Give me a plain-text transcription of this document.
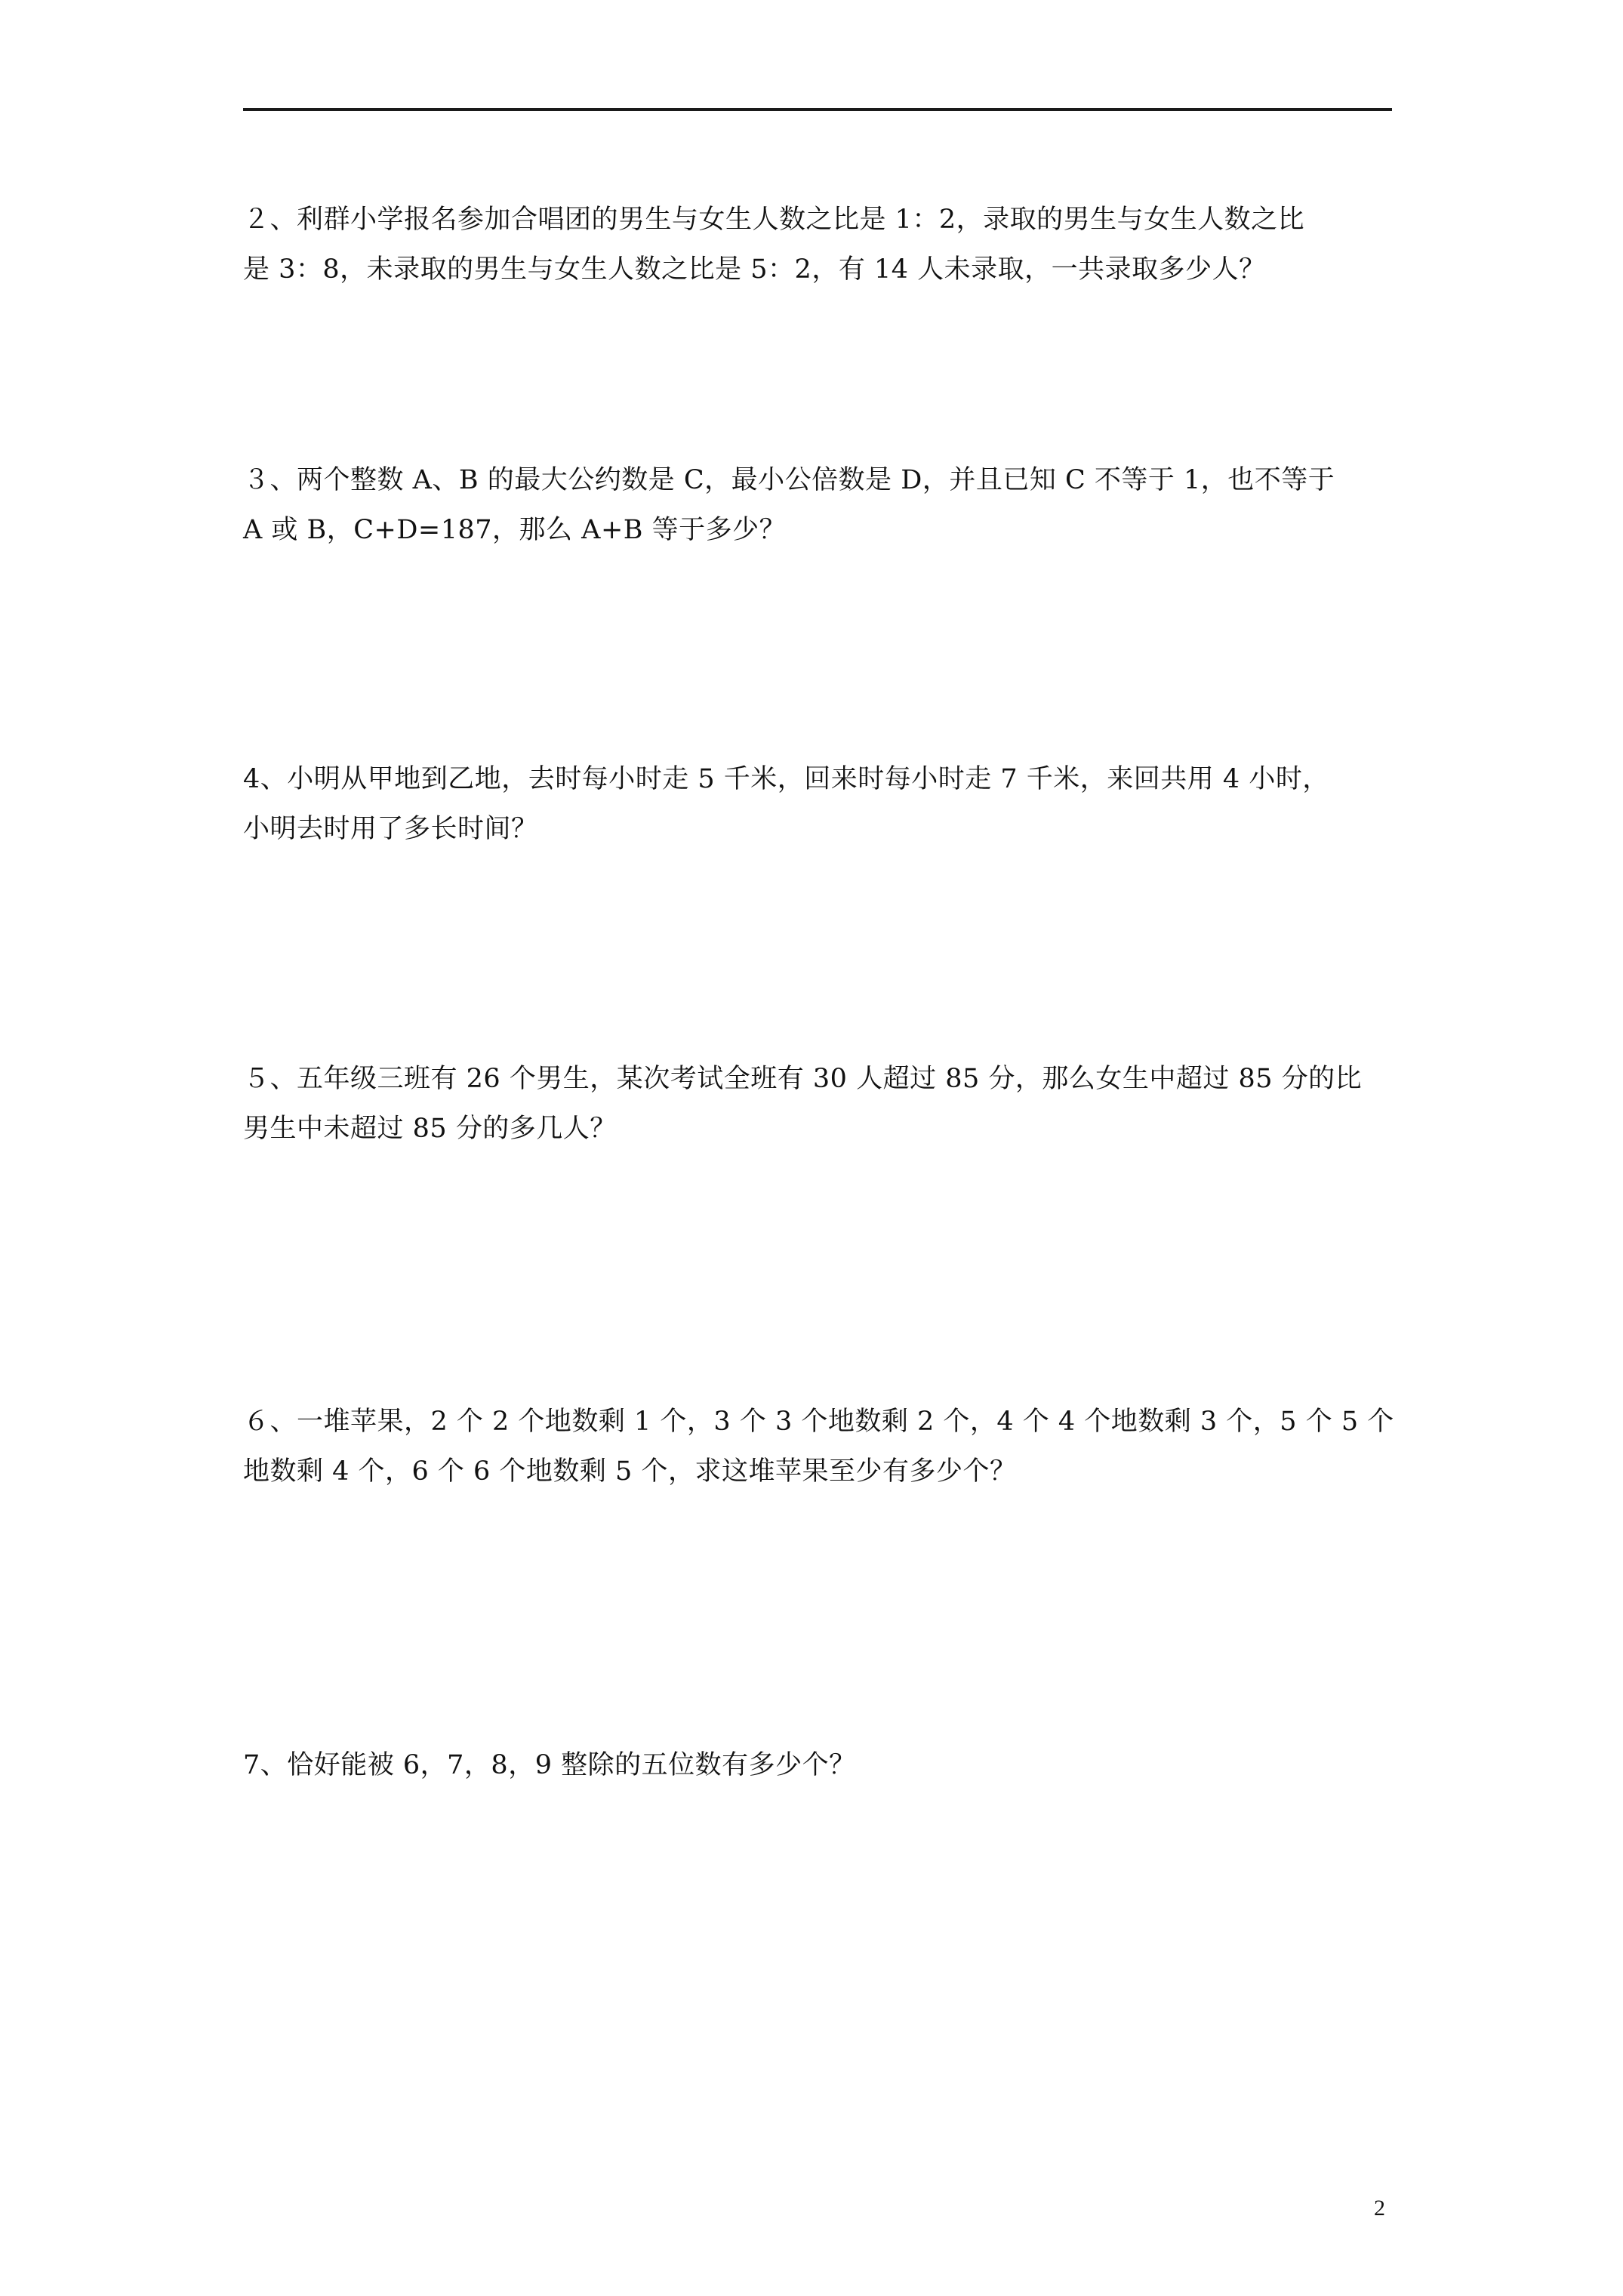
２、利群小学报名参加合唱团的男生与女生人数之比是 1：2，录取的男生与女生人数之比
是 3：8，未录取的男生与女生人数之比是 5：2，有 14 人未录取，一共录取多少人？
３、两个整数 A、B 的最大公约数是 C，最小公倍数是 D，并且已知 C 不等于 1，也不等于
A 或 B，C+D=187，那么 A+B 等于多少？
4、小明从甲地到乙地，去时每小时走 5 千米，回来时每小时走 7 千米，来回共用 4 小时，
小明去时用了多长时间？
５、五年级三班有 26 个男生，某次考试全班有 30 人超过 85 分，那么女生中超过 85 分的比
男生中未超过 85 分的多几人？
６、一堆苹果，2 个 2 个地数剩 1 个，3 个 3 个地数剩 2 个，4 个 4 个地数剩 3 个，5 个 5 个
地数剩 4 个，6 个 6 个地数剩 5 个，求这堆苹果至少有多少个？
7、恰好能被 6，7，8，9 整除的五位数有多少个？
2
